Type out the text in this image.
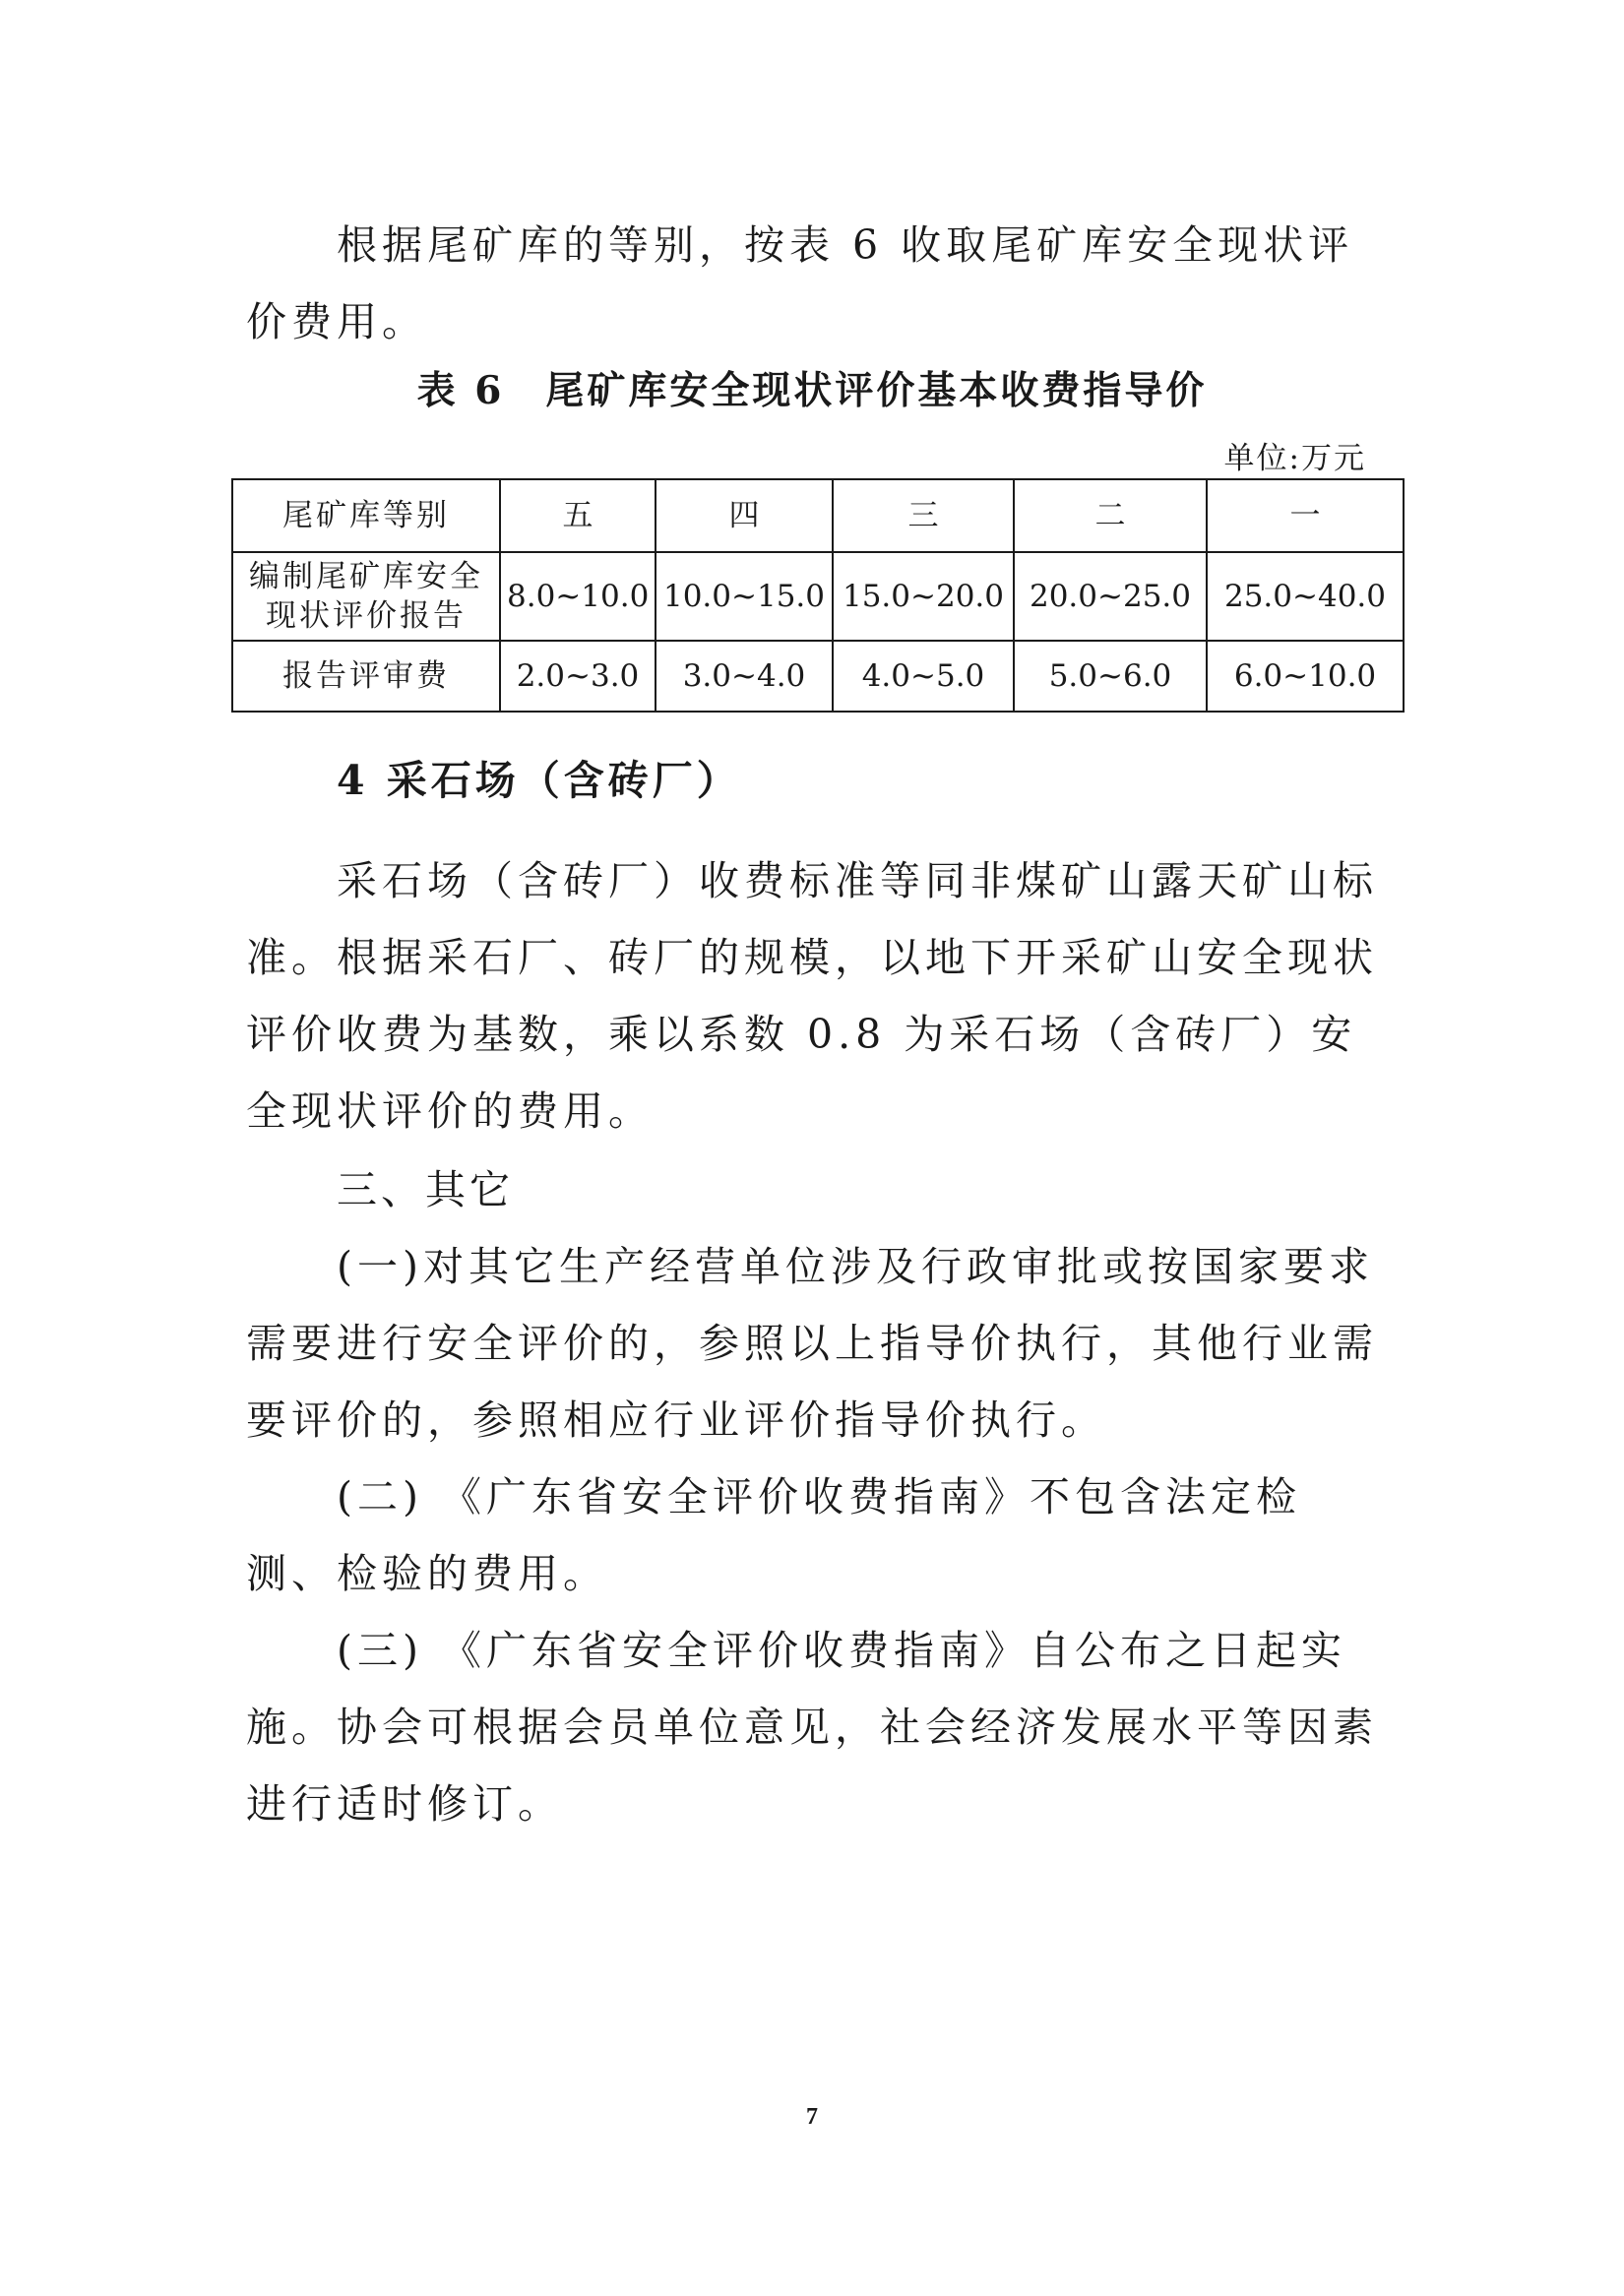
根据尾矿库的等别，按表 6 收取尾矿库安全现状评价费用。

表 6　尾矿库安全现状评价基本收费指导价
单位:万元
尾矿库等别	五	四	三	二	一
编制尾矿库安全现状评价报告	8.0~10.0	10.0~15.0	15.0~20.0	20.0~25.0	25.0~40.0
报告评审费	2.0~3.0	3.0~4.0	4.0~5.0	5.0~6.0	6.0~10.0
4 采石场（含砖厂）

采石场（含砖厂）收费标准等同非煤矿山露天矿山标准。根据采石厂、砖厂的规模，以地下开采矿山安全现状评价收费为基数，乘以系数 0.8 为采石场（含砖厂）安全现状评价的费用。

三、其它

(一)对其它生产经营单位涉及行政审批或按国家要求需要进行安全评价的，参照以上指导价执行，其他行业需要评价的，参照相应行业评价指导价执行。

(二) 《广东省安全评价收费指南》不包含法定检测、检验的费用。

(三) 《广东省安全评价收费指南》自公布之日起实施。协会可根据会员单位意见，社会经济发展水平等因素进行适时修订。

7
